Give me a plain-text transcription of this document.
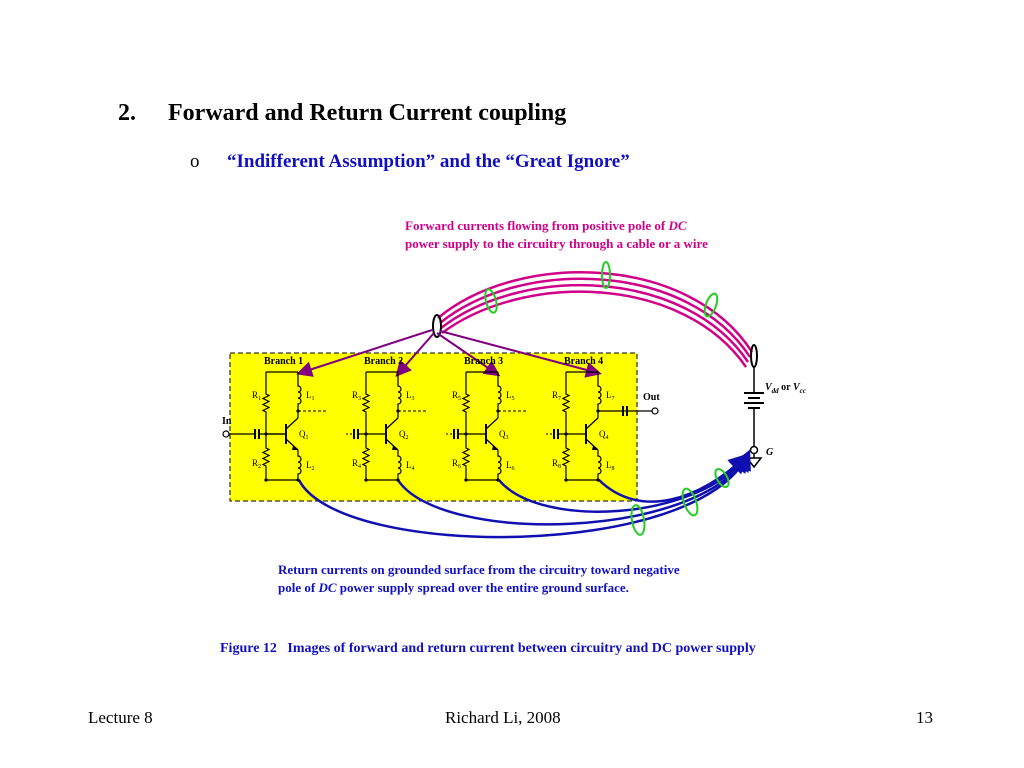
2. Forward and Return Current coupling
o “Indifferent Assumption” and the “Great Ignore”
$V_{dd}$ or $V_{cc}$
G
In
Out
Branch 1
$R_1$	$L_1$
$Q_1$
$R_2$	$L_2$
Branch 2
$R_3$	$L_3$
$Q_2$
$R_4$	$L_4$
Branch 3
$R_5$	$L_5$
$Q_3$
$R_6$	$L_6$
Branch 4
$R_7$	$L_7$
$Q_4$
$R_8$	$L_8$
Forward currents flowing from positive pole of DC
power supply to the circuitry through a cable or a wire
Return currents on grounded surface from the circuitry toward negative
pole of DC power supply spread over the entire ground surface.
Figure 12   Images of forward and return current between circuitry and DC power supply
Lecture 8	Richard Li, 2008	13
